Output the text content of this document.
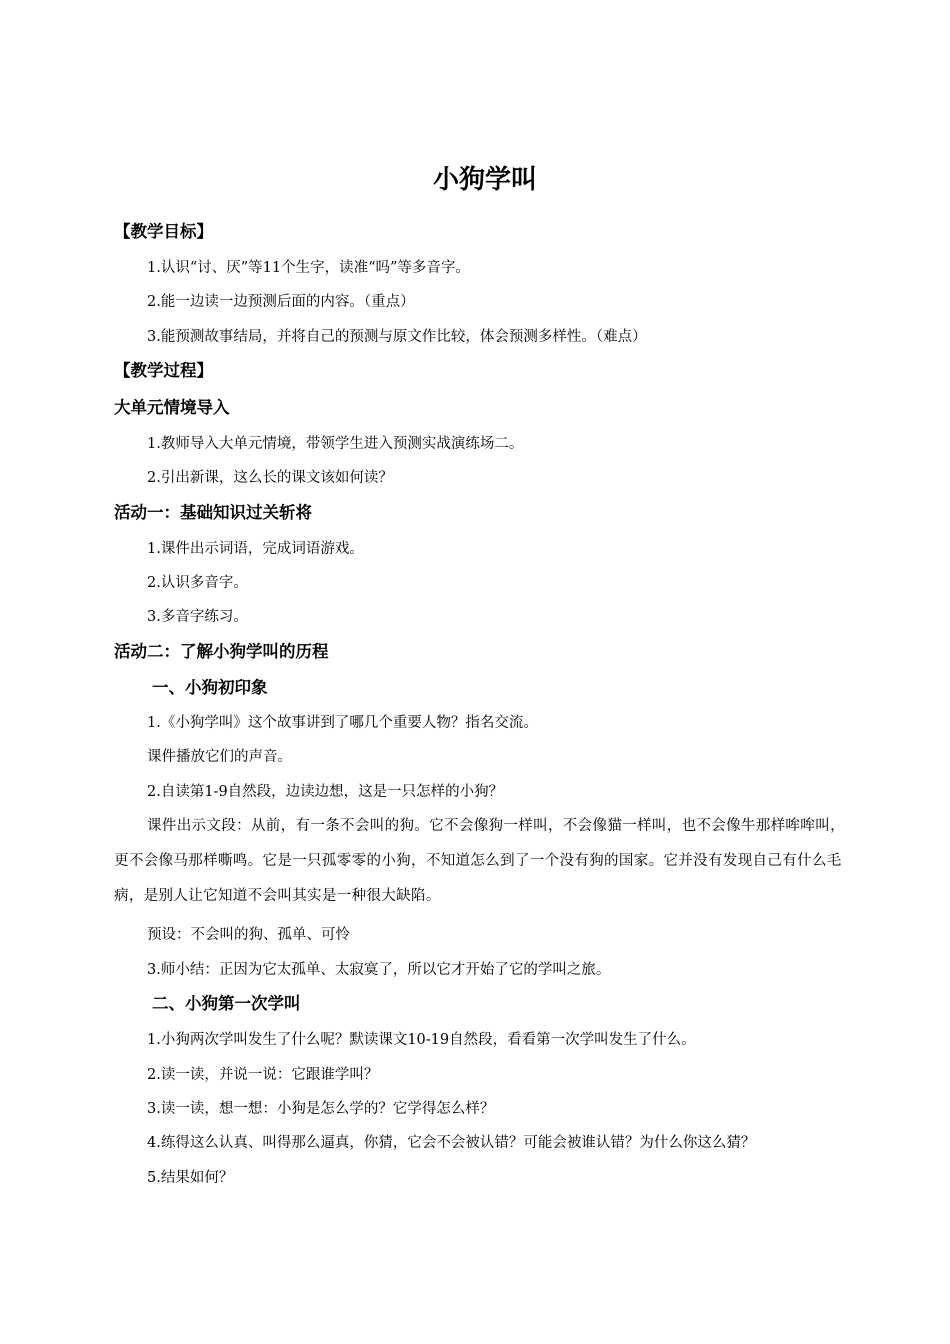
小狗学叫

【教学目标】

1.认识“讨、厌”等11个生字，读准“吗”等多音字。

2.能一边读一边预测后面的内容。（重点）

3.能预测故事结局，并将自己的预测与原文作比较，体会预测多样性。（难点）

【教学过程】

大单元情境导入

1.教师导入大单元情境，带领学生进入预测实战演练场二。

2.引出新课，这么长的课文该如何读？

活动一：基础知识过关斩将

1.课件出示词语，完成词语游戏。

2.认识多音字。

3.多音字练习。

活动二：了解小狗学叫的历程

一、小狗初印象

1.《小狗学叫》这个故事讲到了哪几个重要人物？指名交流。

课件播放它们的声音。

2.自读第1-9自然段，边读边想，这是一只怎样的小狗？

课件出示文段：从前，有一条不会叫的狗。它不会像狗一样叫，不会像猫一样叫，也不会像牛那样哞哞叫，更不会像马那样嘶鸣。它是一只孤零零的小狗，不知道怎么到了一个没有狗的国家。它并没有发现自己有什么毛病，是别人让它知道不会叫其实是一种很大缺陷。

预设：不会叫的狗、孤单、可怜

3.师小结：正因为它太孤单、太寂寞了，所以它才开始了它的学叫之旅。

二、小狗第一次学叫

1.小狗两次学叫发生了什么呢？默读课文10-19自然段，看看第一次学叫发生了什么。

2.读一读，并说一说：它跟谁学叫？

3.读一读，想一想：小狗是怎么学的？它学得怎么样？

4.练得这么认真、叫得那么逼真，你猜，它会不会被认错？可能会被谁认错？为什么你这么猜？

5.结果如何？
